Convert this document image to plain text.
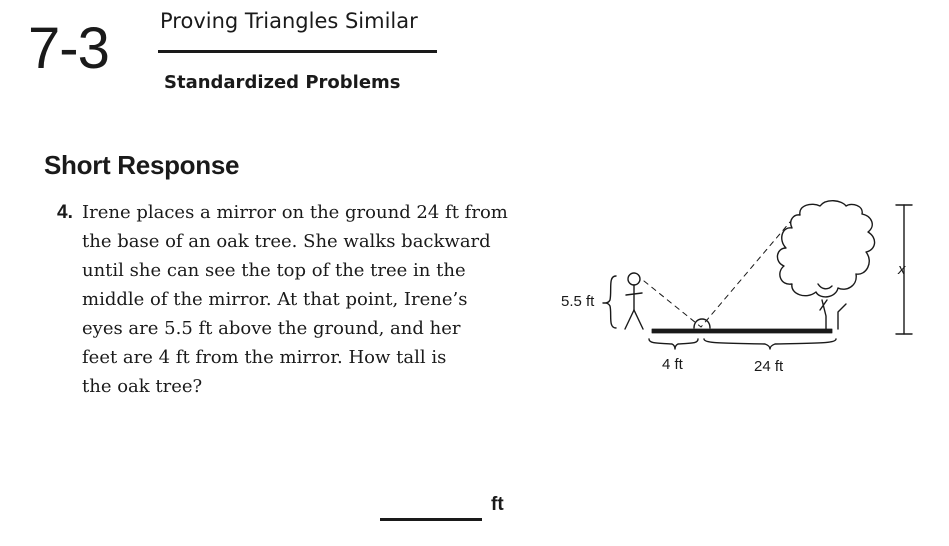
7-3 Proving Triangles Similar
Standardized Problems
Short Response
4. Irene places a mirror on the ground 24 ft from
the base of an oak tree. She walks backward
until she can see the top of the tree in the
middle of the mirror. At that point, Irene’s
eyes are 5.5 ft above the ground, and her
feet are 4 ft from the mirror. How tall is
the oak tree?
ft
5.5 ft
4 ft	24 ft
x
